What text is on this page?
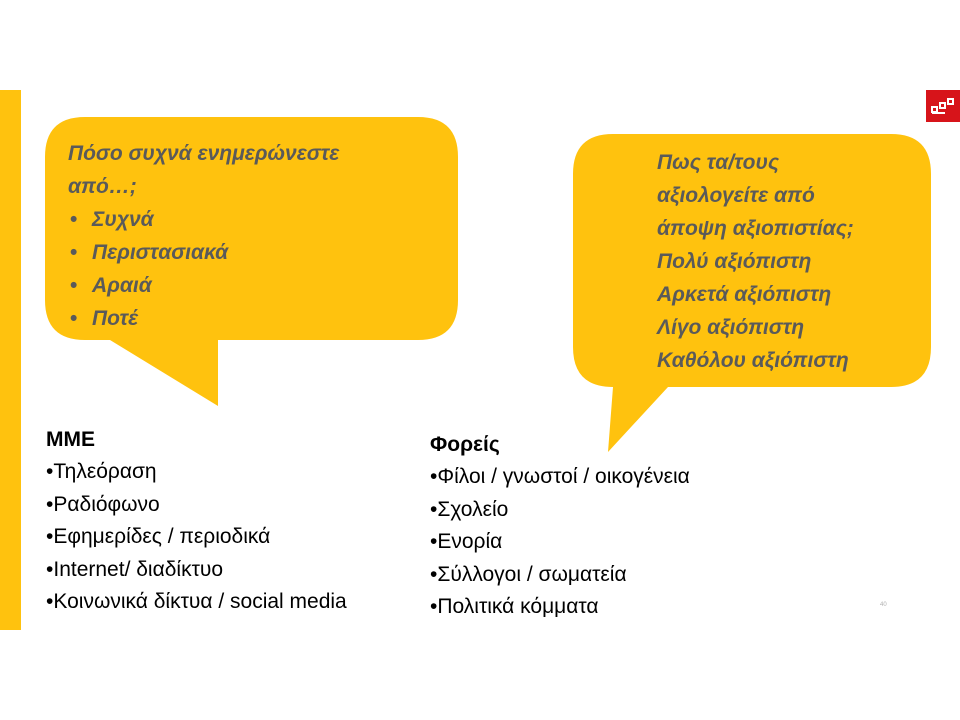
Πόσο συχνά ενημερώνεστε

από…;

• Συχνά
• Περιστασιακά
• Αραιά
• Ποτέ

Πως τα/τους

αξιολογείτε από

άποψη αξιοπιστίας;

Πολύ αξιόπιστη

Αρκετά αξιόπιστη

Λίγο αξιόπιστη

Καθόλου αξιόπιστη

ΜΜΕ

• Τηλεόραση
• Ραδιόφωνο
• Εφημερίδες / περιοδικά
• Internet/ διαδίκτυο
• Κοινωνικά δίκτυα / social media

Φορείς

• Φίλοι / γνωστοί / οικογένεια
• Σχολείο
• Ενορία
• Σύλλογοι / σωματεία
• Πολιτικά κόμματα	40
